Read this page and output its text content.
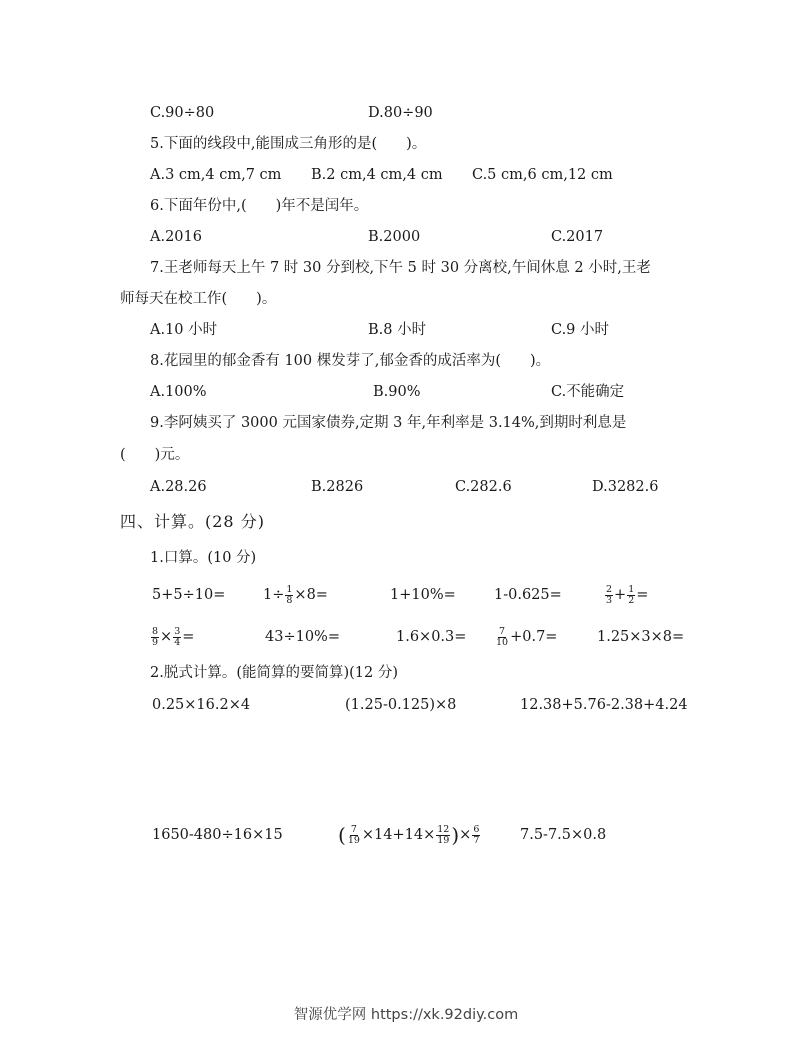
C.90÷80	D.80÷90
5.下面的线段中,能围成三角形的是(　　)。
A.3 cm,4 cm,7 cm B.2 cm,4 cm,4 cm C.5 cm,6 cm,12 cm
6.下面年份中,(　　)年不是闰年。
A.2016	B.2000	C.2017
7.王老师每天上午 7 时 30 分到校,下午 5 时 30 分离校,午间休息 2 小时,王老
师每天在校工作(　　)。
A.10 小时	B.8 小时	C.9 小时
8.花园里的郁金香有 100 棵发芽了,郁金香的成活率为(　　)。
A.100%	B.90%	C.不能确定
9.李阿姨买了 3000 元国家债券,定期 3 年,年利率是 3.14%,到期时利息是
(　　)元。
A.28.26	B.2826	C.282.6	D.3282.6
四、计算。(28 分)
1.口算。(10 分)
5+5÷10=	$1\div \frac{1}{8} \times 8=$	1+10%=	1-0.625=	$\frac{2}{3} + \frac{1}{2}$ =
$\frac{8}{9} \times \frac{3}{4}$ =	43÷10%=	1.6×0.3=	$\frac{7}{10} +0.7=$	1.25×3×8=
2.脱式计算。(能简算的要简算)(12 分)
0.25×16.2×4	(1.25-0.125)×8	12.38+5.76-2.38+4.24
1650-480÷16×15	( $\frac{7}{19} \times 14+14\times \frac{12}{19}$ )× $\frac{6}{7}$	7.5-7.5×0.8
智源优学网 https://xk.92diy.com
